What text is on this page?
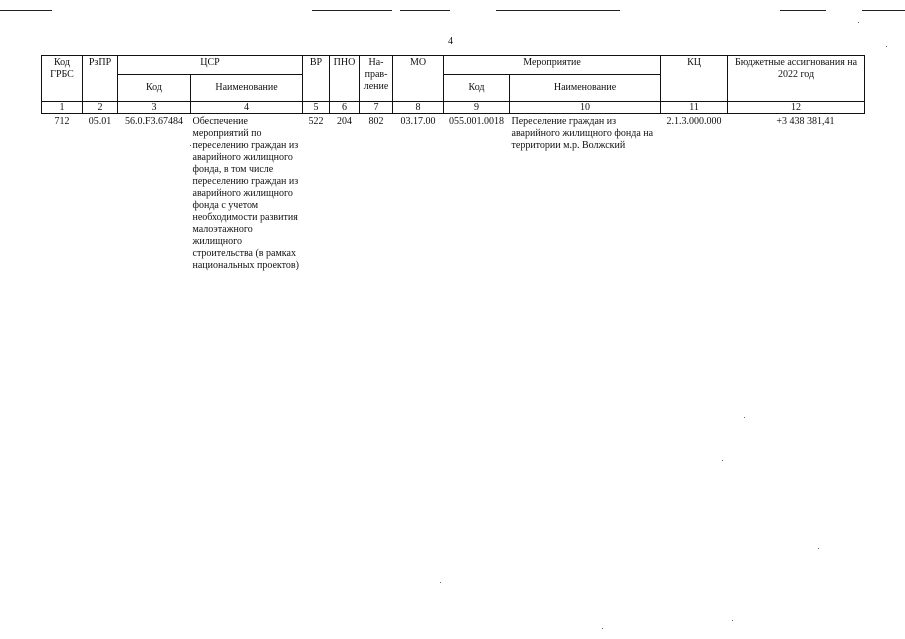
4
Код ГРБС	РзПР	ЦСР		ВР	ПНО	На-прав-ление	МО	Мероприятие		КЦ	Бюджетные ассигнования на 2022 год
		Код	Наименование					Код	Наименование		
1	2	3	4	5	6	7	8	9	10	11	12
712	05.01	56.0.F3.67484	Обеспечение мероприятий по переселению граждан из аварийного жилищного фонда, в том числе переселению граждан из аварийного жилищного фонда с учетом необходимости развития малоэтажного жилищного строительства (в рамках национальных проектов)	522	204	802	03.17.00	055.001.0018	Переселение граждан из аварийного жилищного фонда на территории м.р. Волжский	2.1.3.000.000	+3 438 381,41
